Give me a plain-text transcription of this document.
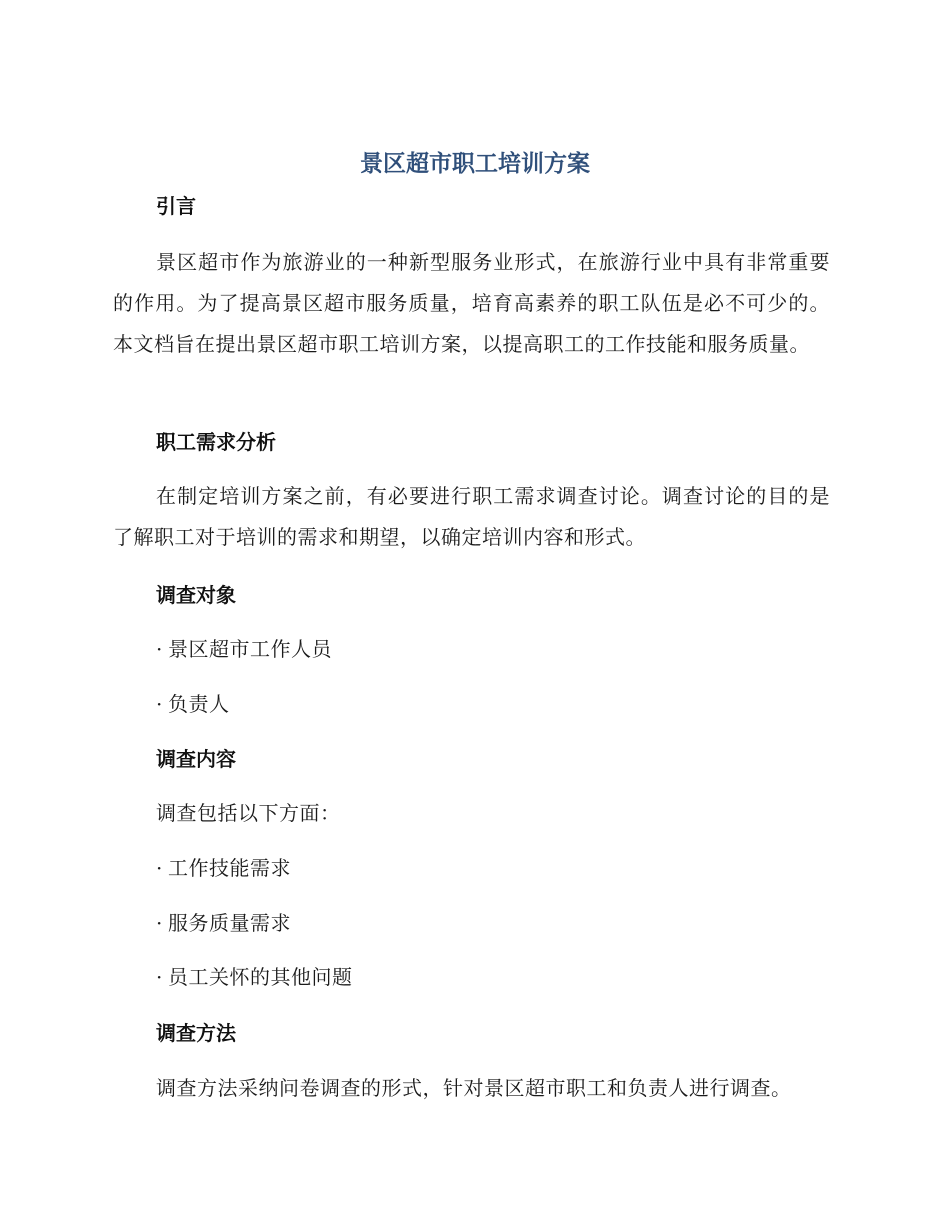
景区超市职工培训方案
引言

景区超市作为旅游业的一种新型服务业形式，在旅游行业中具有非常重要的作用。为了提高景区超市服务质量，培育高素养的职工队伍是必不可少的。本文档旨在提出景区超市职工培训方案，以提高职工的工作技能和服务质量。

职工需求分析

在制定培训方案之前，有必要进行职工需求调查讨论。调查讨论的目的是了解职工对于培训的需求和期望，以确定培训内容和形式。

调查对象
· 景区超市工作人员
· 负责人
调查内容
调查包括以下方面：
· 工作技能需求
· 服务质量需求
· 员工关怀的其他问题
调查方法
调查方法采纳问卷调查的形式，针对景区超市职工和负责人进行调查。
